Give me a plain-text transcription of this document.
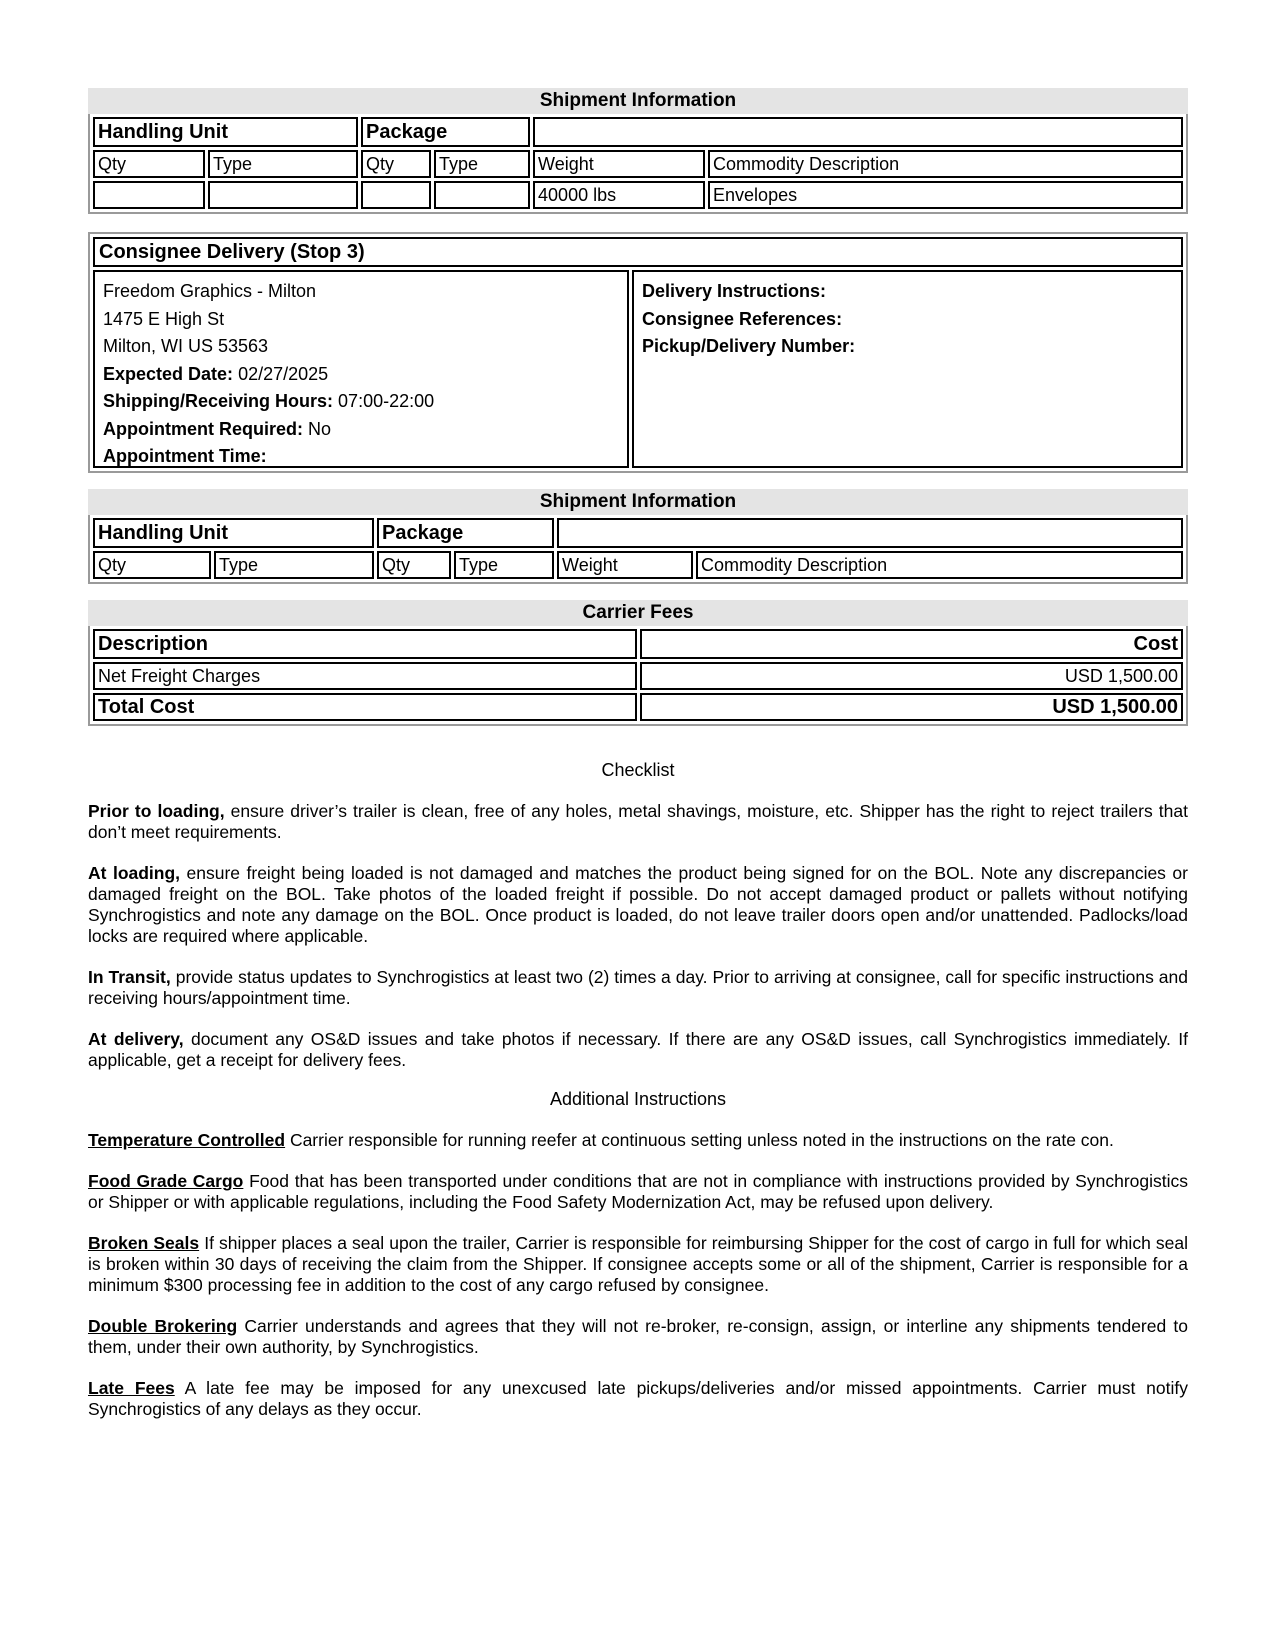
Shipment Information
Handling Unit		Package			
Qty	Type	Qty	Type	Weight	Commodity Description
				40000 lbs	Envelopes
Consignee Delivery (Stop 3)
Freedom Graphics - Milton
1475 E High St
Milton, WI US 53563
Expected Date: 02/27/2025
Shipping/Receiving Hours: 07:00-22:00
Appointment Required: No
Appointment Time:
Delivery Instructions:
Consignee References:
Pickup/Delivery Number:
Shipment Information
Handling Unit		Package			
Qty	Type	Qty	Type	Weight	Commodity Description
Carrier Fees
Description	Cost
Net Freight Charges	USD 1,500.00
Total Cost	USD 1,500.00
Checklist

Prior to loading, ensure driver’s trailer is clean, free of any holes, metal shavings, moisture, etc. Shipper has the right to reject trailers that don’t meet requirements.

At loading, ensure freight being loaded is not damaged and matches the product being signed for on the BOL. Note any discrepancies or damaged freight on the BOL. Take photos of the loaded freight if possible. Do not accept damaged product or pallets without notifying Synchrogistics and note any damage on the BOL. Once product is loaded, do not leave trailer doors open and/or unattended. Padlocks/load locks are required where applicable.

In Transit, provide status updates to Synchrogistics at least two (2) times a day. Prior to arriving at consignee, call for specific instructions and receiving hours/appointment time.

At delivery, document any OS&D issues and take photos if necessary. If there are any OS&D issues, call Synchrogistics immediately. If applicable, get a receipt for delivery fees.

Additional Instructions

Temperature Controlled Carrier responsible for running reefer at continuous setting unless noted in the instructions on the rate con.

Food Grade Cargo Food that has been transported under conditions that are not in compliance with instructions provided by Synchrogistics or Shipper or with applicable regulations, including the Food Safety Modernization Act, may be refused upon delivery.

Broken Seals If shipper places a seal upon the trailer, Carrier is responsible for reimbursing Shipper for the cost of cargo in full for which seal is broken within 30 days of receiving the claim from the Shipper. If consignee accepts some or all of the shipment, Carrier is responsible for a minimum $300 processing fee in addition to the cost of any cargo refused by consignee.

Double Brokering Carrier understands and agrees that they will not re-broker, re-consign, assign, or interline any shipments tendered to them, under their own authority, by Synchrogistics.

Late Fees A late fee may be imposed for any unexcused late pickups/deliveries and/or missed appointments. Carrier must notify Synchrogistics of any delays as they occur.
